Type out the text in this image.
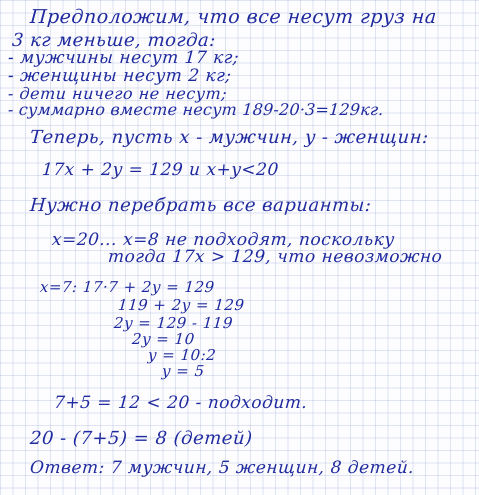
Предположим, что все несут груз на
3 кг меньше, тогда:
- мужчины несут 17 кг;
- женщины несут 2 кг;
- дети ничего не несут;
- суммарно вместе несут 189-20·3=129кг.
Теперь, пусть x - мужчин, y - женщин:
17x + 2y = 129 и x+y<20
Нужно перебрать все варианты:
x=20... x=8 не подходят, поскольку
тогда 17x > 129, что невозможно
x=7: 17·7 + 2y = 129
119 + 2y = 129
2y = 129 - 119
2y = 10
y = 10:2
y = 5
7+5 = 12 < 20 - подходит.
20 - (7+5) = 8 (детей)
Ответ: 7 мужчин, 5 женщин, 8 детей.
